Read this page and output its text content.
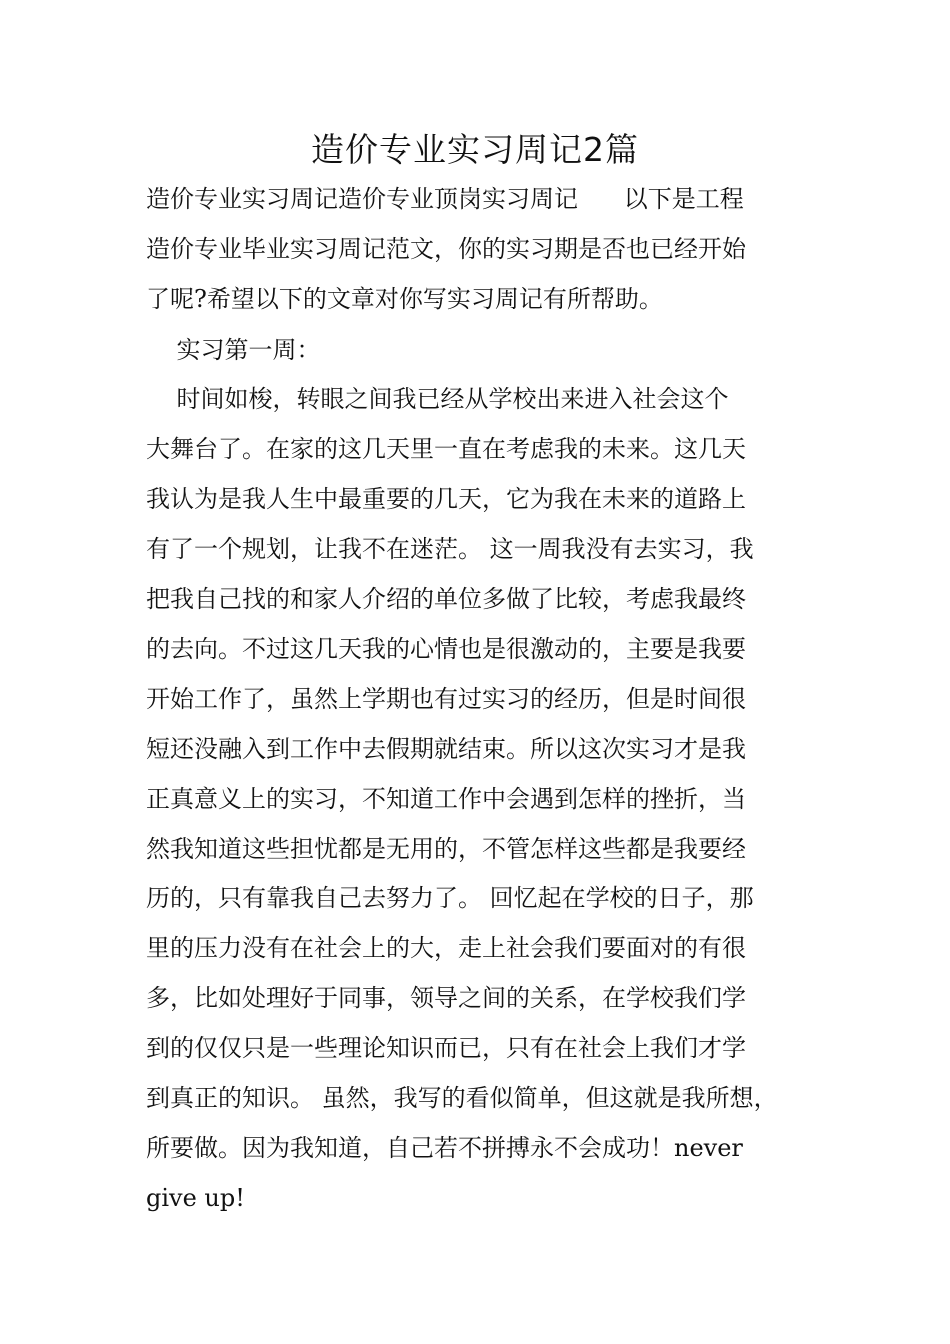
造价专业实习周记2篇
造价专业实习周记造价专业顶岗实习周记      以下是工程
造价专业毕业实习周记范文，你的实习期是否也已经开始
了呢?希望以下的文章对你写实习周记有所帮助。
实习第一周：
时间如梭，转眼之间我已经从学校出来进入社会这个
大舞台了。在家的这几天里一直在考虑我的未来。这几天
我认为是我人生中最重要的几天，它为我在未来的道路上
有了一个规划，让我不在迷茫。 这一周我没有去实习，我
把我自己找的和家人介绍的单位多做了比较，考虑我最终
的去向。不过这几天我的心情也是很激动的，主要是我要
开始工作了，虽然上学期也有过实习的经历，但是时间很
短还没融入到工作中去假期就结束。所以这次实习才是我
正真意义上的实习，不知道工作中会遇到怎样的挫折，当
然我知道这些担忧都是无用的，不管怎样这些都是我要经
历的，只有靠我自己去努力了。 回忆起在学校的日子，那
里的压力没有在社会上的大，走上社会我们要面对的有很
多，比如处理好于同事，领导之间的关系，在学校我们学
到的仅仅只是一些理论知识而已，只有在社会上我们才学
到真正的知识。 虽然，我写的看似简单，但这就是我所想，
所要做。因为我知道，自己若不拼搏永不会成功！never
give up!
